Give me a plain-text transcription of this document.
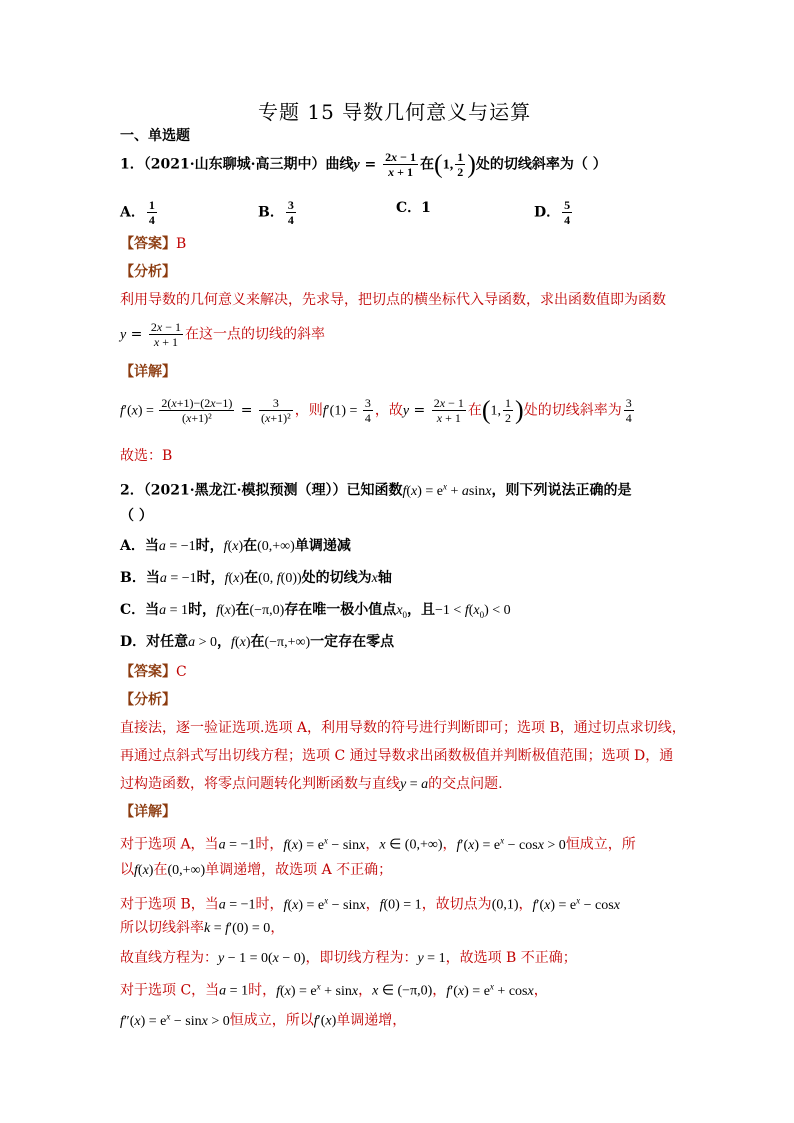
专题 15 导数几何意义与运算
一、单选题
1．（2021·山东聊城·高三期中）曲线$y = \frac{2x - 1}{x + 1}$ 在(1, $\frac{1}{2}$ )处的切线斜率为（ ）
A． $\frac{1}{4}$	B． $\frac{3}{4}$	C．1	D． $\frac{5}{4}$
【答案】B
【分析】
利用导数的几何意义来解决，先求导，把切点的横坐标代入导函数，求出函数值即为函数
$y = \frac{2x - 1}{x + 1}$ 在这一点的切线的斜率
【详解】
$f'(x) = \frac{2(x+1)-(2x-1)}{\text{(x+1)²}} = \frac{3}{\text{(x+1)²}}$ ，则$f'(1) = \frac{3}{4}$ ，故$y = \frac{2x - 1}{x + 1}$ 在(1, $\frac{1}{2}$ )处的切线斜率为 $\frac{3}{4}$
故选：B
2．（2021·黑龙江·模拟预测（理））已知函数$f(x) = e^x + asinx$，则下列说法正确的是
（ ）
A．当a = −1时，f(x)在(0,+∞)单调递减
B．当a = −1时，f(x)在(0, f(0))处的切线为x轴
C．当a = 1时，f(x)在(−π,0)存在唯一极小值点$x_0$，且$-1 < f(x_0) < 0$
D．对任意a > 0，f(x)在(−π,+∞)一定存在零点
【答案】C
【分析】
直接法，逐一验证选项.选项 A，利用导数的符号进行判断即可；选项 B，通过切点求切线，
再通过点斜式写出切线方程；选项 C 通过导数求出函数极值并判断极值范围；选项 D，通
过构造函数，将零点问题转化判断函数与直线y = a的交点问题.
【详解】
对于选项 A，当a = −1时，$f(x) = e^x - \sin x$，x ∈ (0,+∞)，$f'(x) = e^x - \cos x > 0$恒成立，所
以f(x)在(0,+∞)单调递增，故选项 A 不正确；
对于选项 B，当a = −1时，$f(x) = e^x - \sin x$，f(0) = 1，故切点为(0,1)，$f'(x) = e^x - \cos x$
所以切线斜率k = f′(0) = 0，
故直线方程为：y − 1 = 0(x − 0)，即切线方程为：y = 1，故选项 B 不正确；
对于选项 C，当a = 1时，$f(x) = e^x + \sin x$，x ∈ (−π,0)，$f'(x) = e^x + \cos x$，
$f''(x) = e^x - \sin x > 0$恒成立，所以f′(x)单调递增，
